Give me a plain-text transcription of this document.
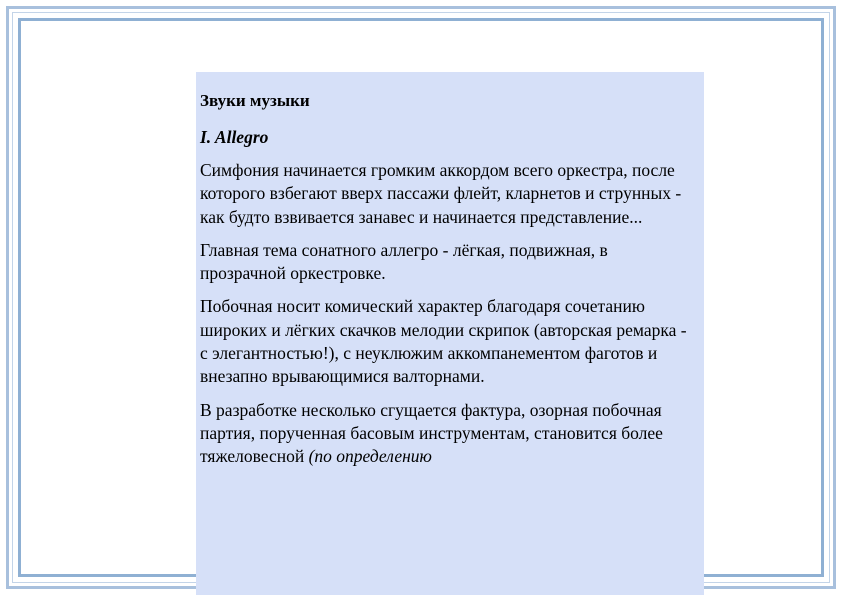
Звуки музыки

I. Allegro

Симфония начинается громким аккордом всего оркестра, после которого взбегают вверх пассажи флейт, кларнетов и струнных - как будто взвивается занавес и начинается представление...

Главная тема сонатного аллегро - лёгкая, подвижная, в прозрачной оркестровке.

Побочная носит комический характер благодаря сочетанию широких и лёгких скачков мелодии скрипок (авторская ремарка - с элегантностью!), с неуклюжим аккомпанементом фаготов и внезапно врывающимися валторнами.

В разработке несколько сгущается фактура, озорная побочная партия, порученная басовым инструментам, становится более тяжеловесной (по определению
